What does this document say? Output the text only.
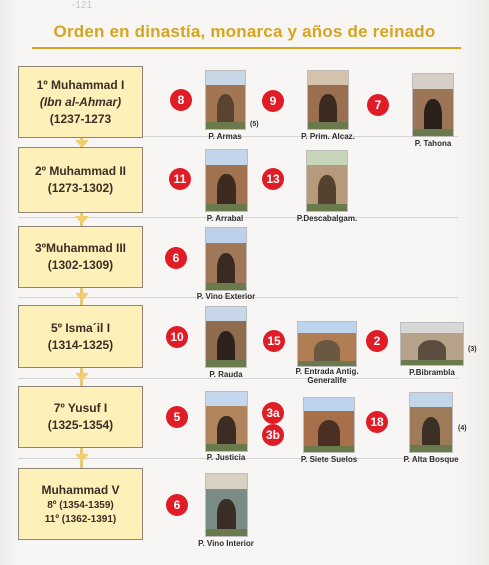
-121
Orden en dinastía, monarca y años de reinado
1º Muhammad I
(Ibn al-Ahmar)
(1237-1273
2º Muhammad II
(1273-1302)
3ºMuhammad III
(1302-1309)
5º Isma´il I
(1314-1325)
7º Yusuf I
(1325-1354)
Muhammad V
8º (1354-1359)
11º (1362-1391)
8
(5)
P. Armas
9
P. Prim. Alcaz.
7
P. Tahona
11
P. Arrabal
13
P.Descabalgam.
6
P. Vino Exterior
10
P. Rauda
15
P. Entrada Antig. Generalife
2
(3)
P.Bibrambla
5
P. Justicia
3a
3b
P. Siete Suelos
18	(4)
P. Alta Bosque
6
P. Vino Interior
